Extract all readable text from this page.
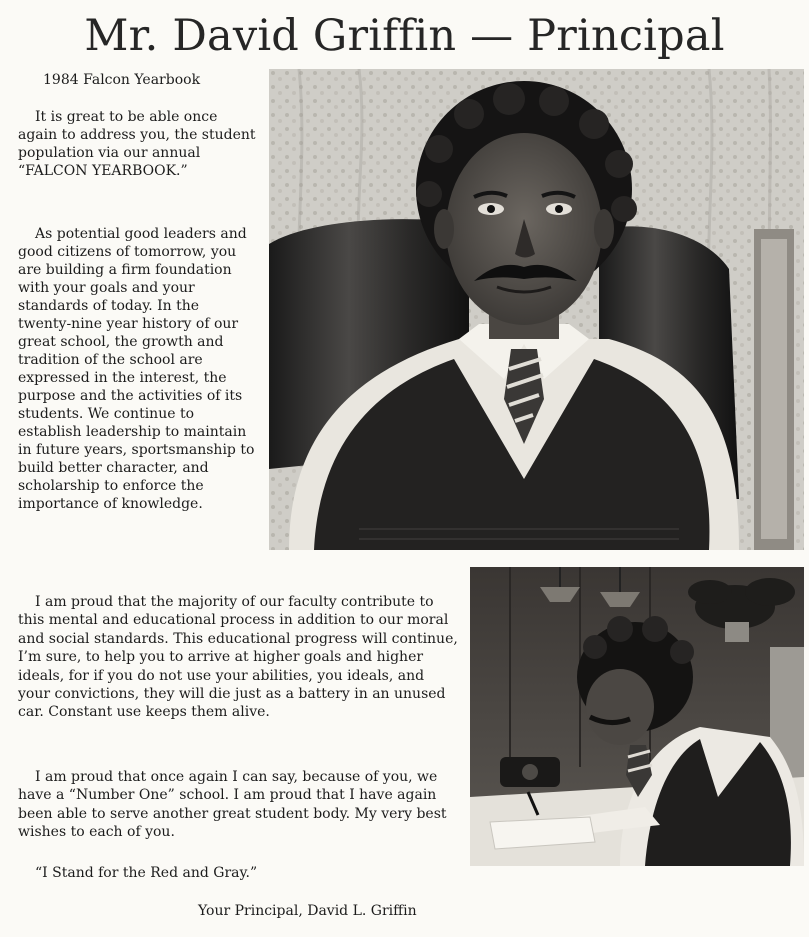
Mr. David Griffin — Principal
1984 Falcon Yearbook

It is great to be able once again to address you, the student population via our annual “FALCON YEARBOOK.”

As potential good leaders and good citizens of tomorrow, you are building a firm foundation with your goals and your standards of today. In the twenty-nine year history of our great school, the growth and tradition of the school are expressed in the interest, the purpose and the activities of its students. We continue to establish leadership to maintain in future years, sportsmanship to build better character, and scholarship to enforce the importance of knowledge.

I am proud that the majority of our faculty contribute to this mental and educational process in addition to our moral and social standards. This educational progress will continue, I’m sure, to help you to arrive at higher goals and higher ideals, for if you do not use your abilities, you ideals, and your convictions, they will die just as a battery in an unused car. Constant use keeps them alive.

I am proud that once again I can say, because of you, we have a “Number One” school. I am proud that I have again been able to serve another great student body. My very best wishes to each of you.

“I Stand for the Red and Gray.”

Your Principal, David L. Griffin
